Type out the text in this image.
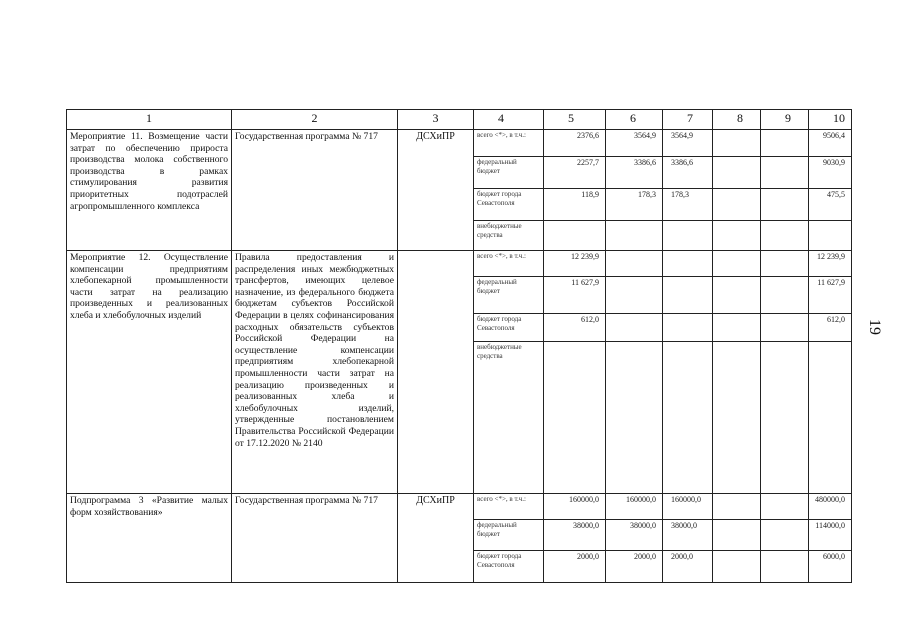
19
1	2	3	4	5	6	7	8	9	10
Мероприятие 11. Возмещение части затрат по обеспечению прироста производства молока собственного производства в рамках стимулирования развития приоритетных подотраслей агропромышленного комплекса	Государственная программа № 717	ДСХиПР	всего <*>, в т.ч.:	2376,6	3564,9	3564,9			9506,4
			федеральный бюджет	2257,7	3386,6	3386,6			9030,9
			бюджет города Севастополя	118,9	178,3	178,3			475,5
			внебюджетные средства						
Мероприятие 12. Осуществление компенсации предприятиям хлебопекарной промышленности части затрат на реализацию произведенных и реализованных хлеба и хлебобулочных изделий	Правила предоставления и распределения иных межбюджетных трансфертов, имеющих целевое назначение, из федерального бюджета бюджетам субъектов Российской Федерации в целях софинансирования расходных обязательств субъектов Российской Федерации на осуществление компенсации предприятиям хлебопекарной промышленности части затрат на реализацию произведенных и реализованных хлеба и хлебобулочных изделий, утвержденные постановлением Правительства Российской Федерации от 17.12.2020 № 2140		всего <*>, в т.ч.:	12 239,9					12 239,9
			федеральный бюджет	11 627,9					11 627,9
			бюджет города Севастополя	612,0					612,0
			внебюджетные средства						
Подпрограмма 3 «Развитие малых форм хозяйствования»	Государственная программа № 717	ДСХиПР	всего <*>, в т.ч.:	160000,0	160000,0	160000,0			480000,0
			федеральный бюджет	38000,0	38000,0	38000,0			114000,0
			бюджет города Севастополя	2000,0	2000,0	2000,0			6000,0
